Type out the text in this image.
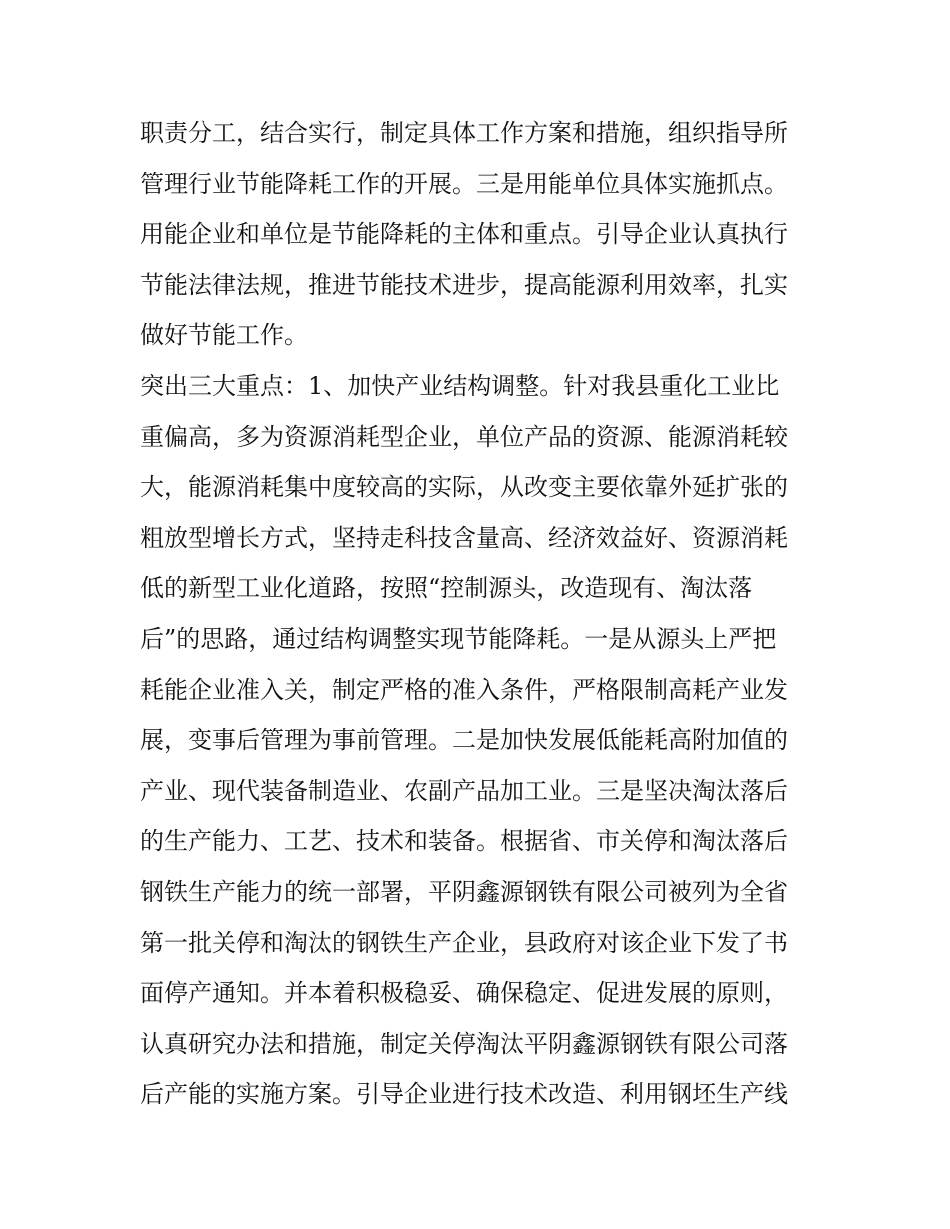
职责分工，结合实行，制定具体工作方案和措施，组织指导所
管理行业节能降耗工作的开展。三是用能单位具体实施抓点。
用能企业和单位是节能降耗的主体和重点。引导企业认真执行
节能法律法规，推进节能技术进步，提高能源利用效率，扎实
做好节能工作。
突出三大重点：1、加快产业结构调整。针对我县重化工业比
重偏高，多为资源消耗型企业，单位产品的资源、能源消耗较
大，能源消耗集中度较高的实际，从改变主要依靠外延扩张的
粗放型增长方式，坚持走科技含量高、经济效益好、资源消耗
低的新型工业化道路，按照“控制源头，改造现有、淘汰落
后”的思路，通过结构调整实现节能降耗。一是从源头上严把
耗能企业准入关，制定严格的准入条件，严格限制高耗产业发
展，变事后管理为事前管理。二是加快发展低能耗高附加值的
产业、现代装备制造业、农副产品加工业。三是坚决淘汰落后
的生产能力、工艺、技术和装备。根据省、市关停和淘汰落后
钢铁生产能力的统一部署，平阴鑫源钢铁有限公司被列为全省
第一批关停和淘汰的钢铁生产企业，县政府对该企业下发了书
面停产通知。并本着积极稳妥、确保稳定、促进发展的原则，
认真研究办法和措施，制定关停淘汰平阴鑫源钢铁有限公司落
后产能的实施方案。引导企业进行技术改造、利用钢坯生产线
